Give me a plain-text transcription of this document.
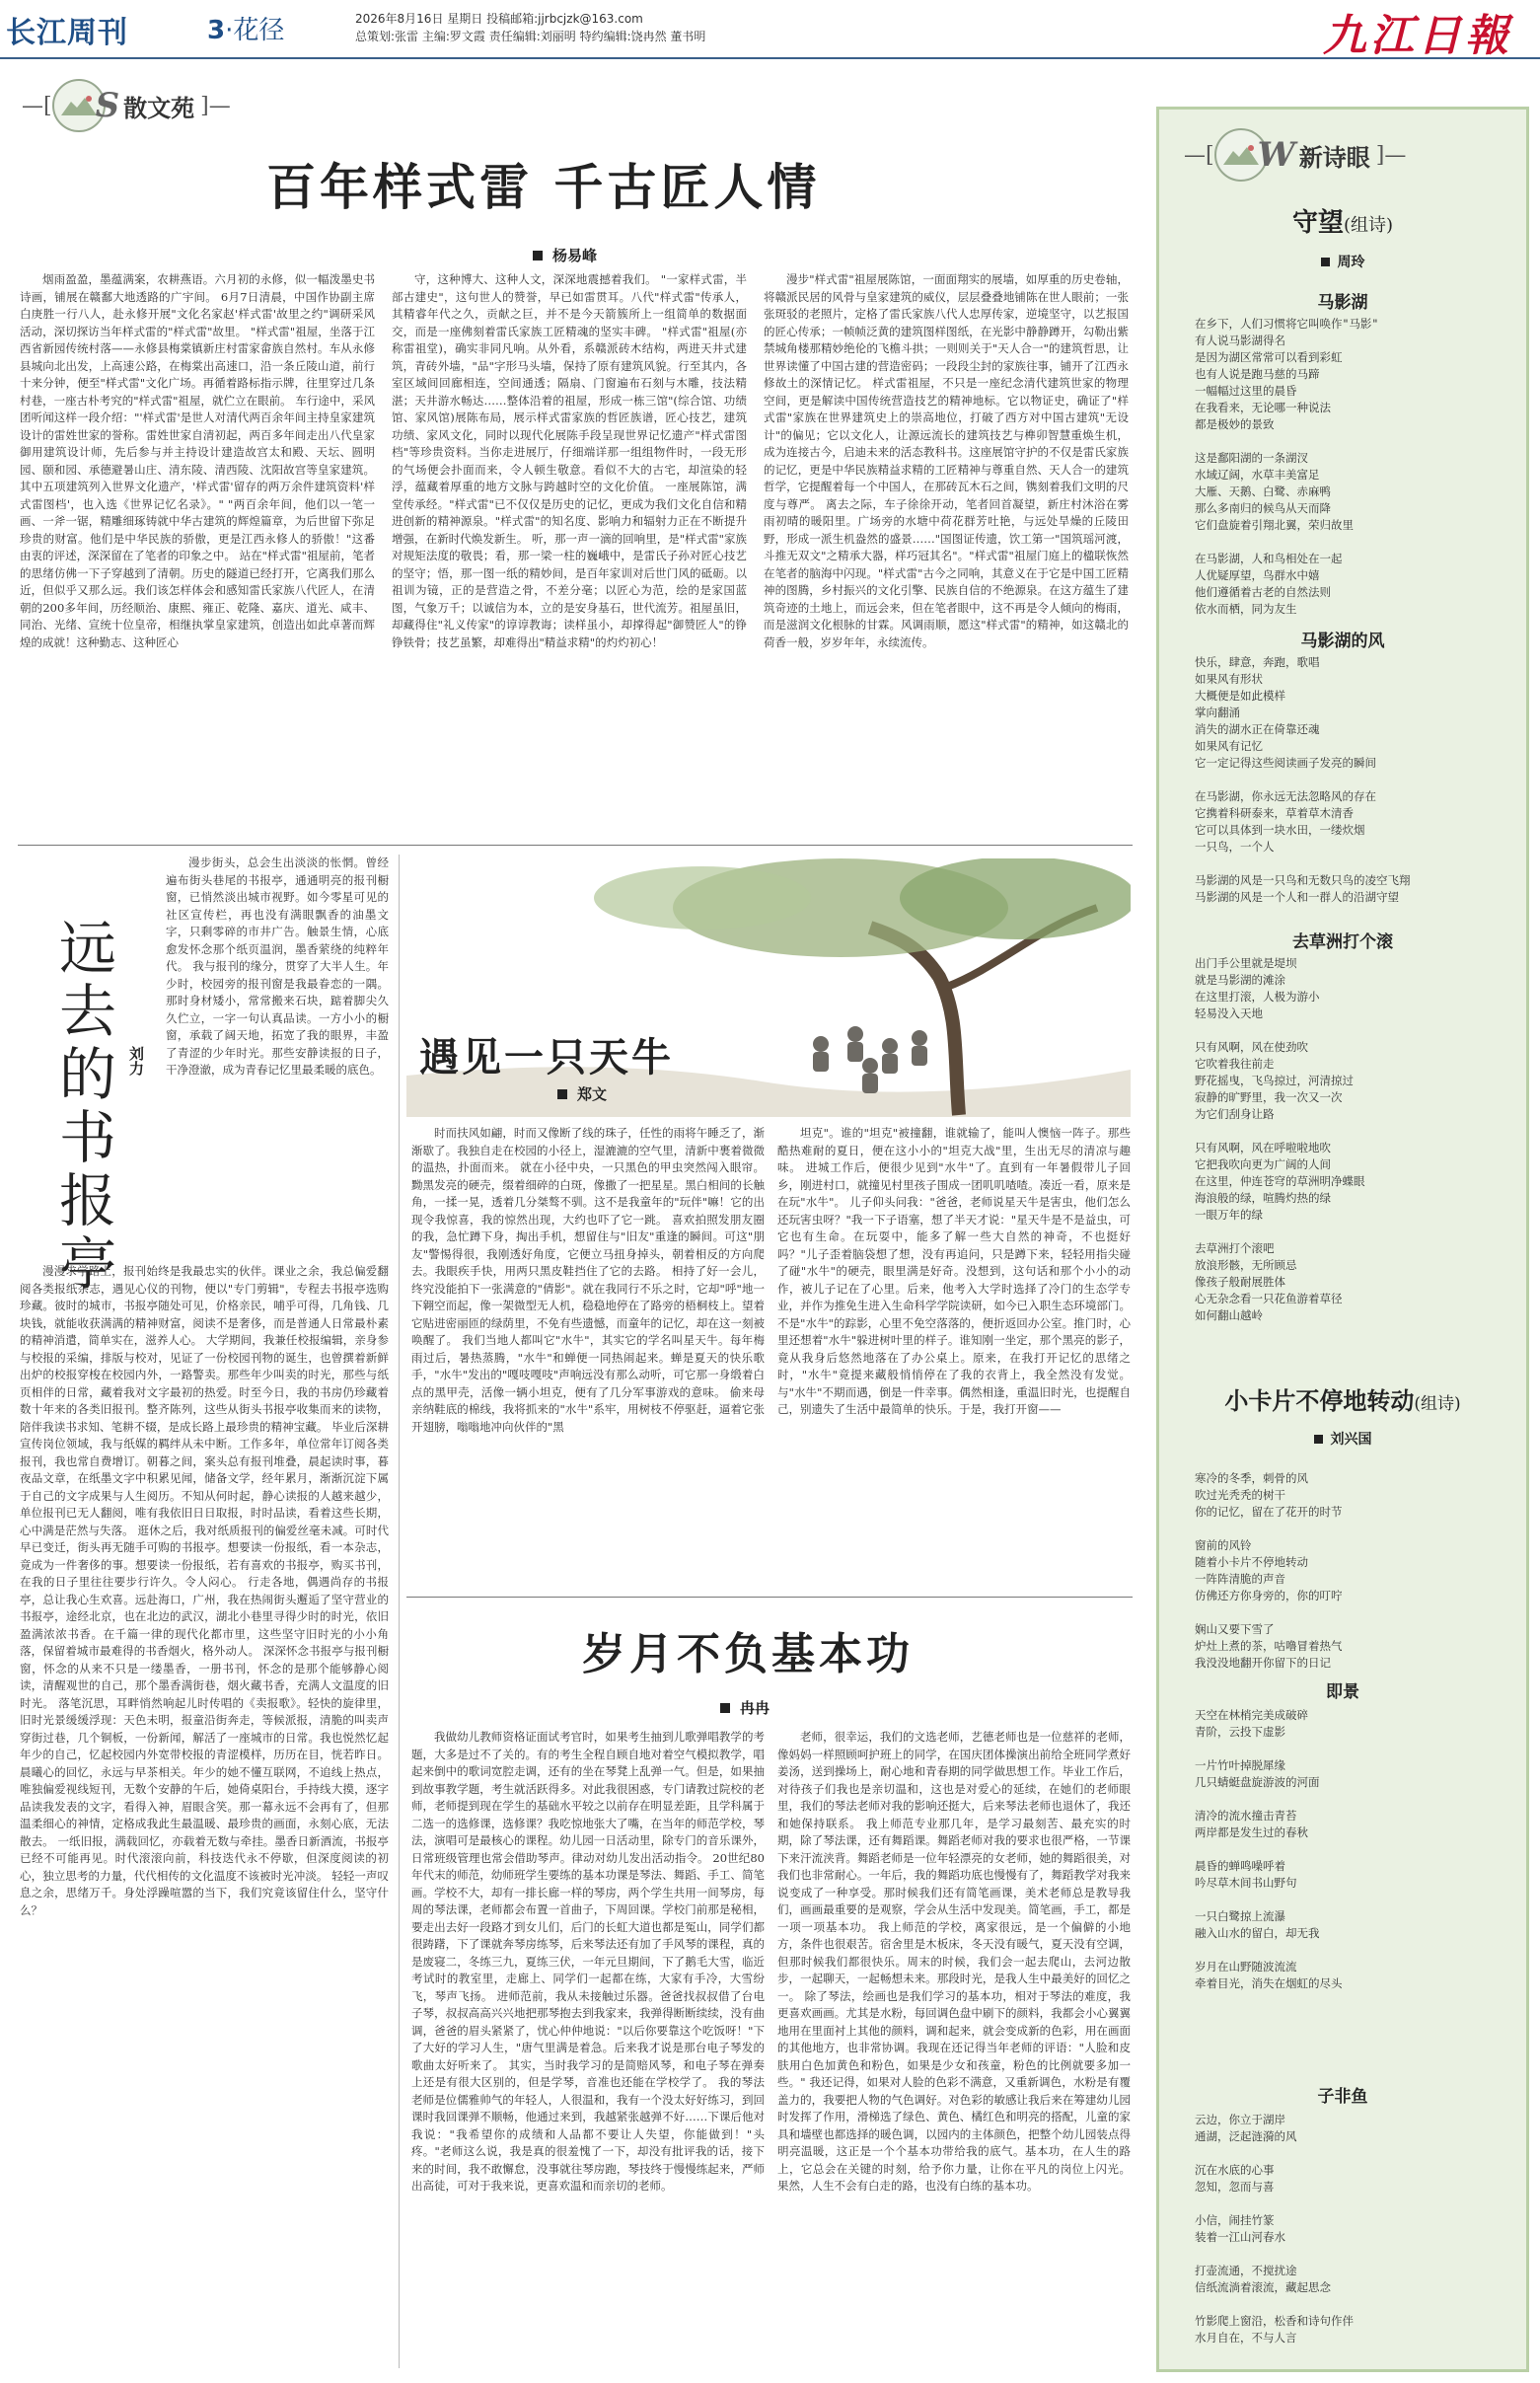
长江周刊	3·花径	2026年8月16日 星期日 投稿邮箱:jjrbcjzk@163.com
总策划:张雷 主编:罗文霞 责任编辑:刘丽明 特约编辑:饶冉然 董书明	九江日報
—[ S 散文苑 ]—
百年样式雷 千古匠人情
杨易峰

烟雨盈盈，墨蕴满案，农耕燕语。六月初的永修，似一幅泼墨史书诗画，铺展在赣鄱大地透路的广宇间。 6月7日清晨，中国作协副主席白庚胜一行八人，赴永修开展"文化名家赵'样式雷'故里之约"调研采风活动，深切探访当年样式雷的"样式雷"故里。 "样式雷"祖屋，坐落于江西省新园传统村落——永修县梅棠镇新庄村雷家畲族自然村。车从永修县城向北出发，上高速公路，在梅棠出高速口，沿一条丘陵山道，前行十来分钟，便至"样式雷"文化广场。再循着路标指示牌，往里穿过几条村巷，一座古朴考究的"样式雷"祖屋，就伫立在眼前。 车行途中，采风团听闻这样一段介绍："'样式雷'是世人对清代两百余年间主持皇家建筑设计的雷姓世家的誉称。雷姓世家自清初起，两百多年间走出八代皇家御用建筑设计师，先后参与并主持设计建造故宫太和殿、天坛、圆明园、颐和园、承德避暑山庄、清东陵、清西陵、沈阳故宫等皇家建筑。其中五项建筑列入世界文化遗产，'样式雷'留存的两万余件建筑资料'样式雷图档'，也入选《世界记忆名录》。" "两百余年间，他们以一笔一画、一斧一锯，精雕细琢铸就中华古建筑的辉煌篇章，为后世留下弥足珍贵的财富。他们是中华民族的骄傲，更是江西永修人的骄傲！"这番由衷的评述，深深留在了笔者的印象之中。 站在"样式雷"祖屋前，笔者的思绪仿佛一下子穿越到了清朝。历史的隧道已经打开，它离我们那么近，但似乎又那么远。我们该怎样体会和感知雷氏家族八代匠人，在清朝的200多年间，历经顺治、康熙、雍正、乾隆、嘉庆、道光、咸丰、同治、光绪、宣统十位皇帝，相继执掌皇家建筑，创造出如此卓著而辉煌的成就！这种勤志、这种匠心

守，这种博大、这种人文，深深地震撼着我们。 "一家样式雷，半部古建史"，这句世人的赞誉，早已如雷贯耳。八代"样式雷"传承人，其精睿年代之久，贡献之巨，并不是今天箭簇所上一组简单的数据面交，而是一座佛刻着雷氏家族工匠精魂的坚实丰碑。 "样式雷"祖屋(亦称雷祖堂)，确实非同凡响。从外看，系赣派砖木结构，两进天井式建筑，青砖外墙，"品"字形马头墙，保持了原有建筑风貌。行至其内，各室区域间回廊相连，空间通透；隔扇、门窗遍布石刻与木雕，技法精湛；天井游水畅达……整体沿着的祖屋，形成一栋三馆"(综合馆、功绩馆、家风馆)展陈布局，展示样式雷家族的哲匠族谱，匠心技艺，建筑功绩、家风文化，同时以现代化展陈手段呈现世界记忆遗产"样式雷图档"等珍贵资料。当你走进展厅，仔细端详那一组组物件时，一段无形的气场便会扑面而来，令人顿生敬意。看似不大的古宅，却渲染的轻浮，蕴藏着厚重的地方文脉与跨越时空的文化价值。 一座展陈馆，满堂传承经。"样式雷"已不仅仅是历史的记忆，更成为我们文化自信和精进创新的精神源泉。"样式雷"的知名度、影响力和辐射力正在不断提升增强，在新时代焕发新生。 听，那一声一滴的回响里，是"样式雷"家族对规矩法度的敬畏；看，那一梁一柱的巍峨中，是雷氏子孙对匠心技艺的坚守；悟，那一图一纸的精妙间，是百年家训对后世门风的砥砺。以祖训为镜，正的是营造之骨，不差分毫；以匠心为范，绘的是家国蓝图，气象万千；以诚信为本，立的是安身基石，世代流芳。祖屋虽旧，却藏得住"礼义传家"的谆谆教诲；读样虽小，却撑得起"御赞匠人"的铮铮铁骨；技艺虽繁，却难得出"精益求精"的灼灼初心！

漫步"样式雷"祖屋展陈馆，一面面翔实的展墙，如厚重的历史卷轴，将赣派民居的风骨与皇家建筑的威仪，层层叠叠地铺陈在世人眼前；一张张斑驳的老照片，定格了雷氏家族八代人忠厚传家，逆境坚守，以艺报国的匠心传承；一帧帧泛黄的建筑图样图纸，在光影中静静蹲开，勾勒出紫禁城角楼那精妙绝伦的飞檐斗拱；一则则关于"天人合一"的建筑哲思，让世界读懂了中国古建的营造密码；一段段尘封的家族往事，铺开了江西永修故土的深情记忆。 样式雷祖屋，不只是一座纪念清代建筑世家的物理空间，更是解读中国传统营造技艺的精神地标。它以物证史，确证了"样式雷"家族在世界建筑史上的崇高地位，打破了西方对中国古建筑"无设计"的偏见；它以文化人，让源远流长的建筑技艺与榫卯智慧重焕生机，成为连接古今，启迪未来的活态教科书。这座展馆守护的不仅是雷氏家族的记忆，更是中华民族精益求精的工匠精神与尊重自然、天人合一的建筑哲学，它提醒着每一个中国人，在那砖瓦木石之间，镌刻着我们文明的尺度与尊严。 离去之际，车子徐徐开动，笔者回首凝望，新庄村沐浴在雾雨初晴的暖阳里。广场旁的水塘中荷花群芳吐艳，与远处旱燥的丘陵田野，形成一派生机盎然的盛景……"国图证传遗，饮工第一"国筑瑶河渡，斗推无双文"之精承大器，样巧冠其名"。"样式雷"祖屋门庭上的楹联恢然在笔者的脑海中闪现。"样式雷"古今之同响，其意义在于它是中国工匠精神的图腾，乡村振兴的文化引擎、民族自信的不绝源泉。在这方蕴生了建筑奇迹的土地上，而远会来，但在笔者眼中，这不再是令人倾向的梅雨，而是滋润文化根脉的甘霖。风调雨顺，愿这"样式雷"的精神，如这赣北的荷香一般，岁岁年年，永续流传。

远去的书报亭 刘力

漫步街头，总会生出淡淡的怅惘。曾经遍布街头巷尾的书报亭，通通明亮的报刊橱窗，已悄然淡出城市视野。如今零星可见的社区宣传栏，再也没有满眼飘香的油墨文字，只剩零碎的市井广告。触景生情，心底愈发怀念那个纸页温润，墨香萦绕的纯粹年代。 我与报刊的缘分，贯穿了大半人生。年少时，校园旁的报刊窗是我最眷恋的一隅。那时身材矮小，常常搬来石块，踮着脚尖久久伫立，一字一句认真品读。一方小小的橱窗，承载了阔天地，拓宽了我的眼界，丰盈了青涩的少年时光。那些安静读报的日子，干净澄澈，成为青春记忆里最柔暖的底色。

漫漫求学路上，报刊始终是我最忠实的伙伴。课业之余，我总偏爱翻阅各类报纸杂志，遇见心仪的刊物，便以"专门剪辑"，专程去书报亭选购珍藏。彼时的城市，书报亭随处可见，价格亲民，哺乎可得，几角钱、几块钱，就能收获满满的精神财富，阅读不是奢侈，而是普通人日常最朴素的精神消遣，简单实在，滋养人心。 大学期间，我兼任校报编辑，亲身参与校报的采编，排版与校对，见证了一份校园刊物的诞生，也曾撰着新鲜出炉的校报穿梭在校园内外，一路警卖。那些年少叫卖的时光，那些与纸页相伴的日常，藏着我对文字最初的热爱。时至今日，我的书房仍珍藏着数十年来的各类旧报刊。整齐陈列，这些从街头书报亭收集而来的读物，陪伴我读书求知、笔耕不辍，是成长路上最珍贵的精神宝藏。 毕业后深耕宣传岗位领域，我与纸媒的羁绊从未中断。工作多年，单位常年订阅各类报刊，我也常自费增订。朝暮之间，案头总有报刊堆叠，晨起读时事，暮夜品文章，在纸墨文字中积累见闻，储备文学，经年累月，渐渐沉淀下属于自己的文字成果与人生阅历。不知从何时起，静心读报的人越来越少，单位报刊已无人翻阅，唯有我依旧日日取报，时时品读，看着这些长期，心中满是茫然与失落。 逛休之后，我对纸质报刊的偏爱丝毫未减。可时代早已变迁，街头再无随手可购的书报亭。想要读一份报纸，看一本杂志，竟成为一件奢侈的事。想要读一份报纸，若有喜欢的书报亭，购买书刊，在我的日子里往往要步行许久。令人闷心。 行走各地，偶遇尚存的书报亭，总让我心生欢喜。远赴海口，广州，我在热闹街头邂逅了坚守营业的书报亭，途经北京，也在北边的武汉，湖北小巷里寻得少时的时光，依旧盈满浓浓书香。在千篇一律的现代化都市里，这些坚守旧时光的小小角落，保留着城市最难得的书香烟火，格外动人。 深深怀念书报亭与报刊橱窗，怀念的从来不只是一缕墨香，一册书刊，怀念的是那个能够静心阅读，清醒观世的自己，那个墨香满街巷，烟火藏书香，充满人文温度的旧时光。 落笔沉思，耳畔悄然响起儿时传唱的《卖报歌》。轻快的旋律里，旧时光景缓缓浮现：天色未明，报童沿街奔走，等候派报，清脆的叫卖声穿街过巷，几个铜板，一份新闻，解活了一座城市的日常。我也悦然忆起年少的自己，忆起校园内外宽带校报的青涩模样，历历在目，恍若昨日。 晨曦心的回忆，永远与早茶相关。年少的她不懂互联网，不追线上热点，唯独偏爱视线短刊，无数个安静的午后，她倚桌阳台，手持线大摸，逐字品读我发表的文字，看得入神，眉眼含笑。那一幕永远不会再有了，但那温柔细心的神情，定格成我此生最温暖、最珍贵的画面，永刻心底，无法散去。 一纸旧报，满载回忆，亦载着无数与牵挂。墨香日新酒流，书报亭已经不可能再见。时代滚滚向前，科技迭代永不停歇，但深度阅读的初心，独立思考的力量，代代相传的文化温度不该被时光冲淡。 轻轻一声叹息之余，思绪万千。身处浮躁喧嚣的当下，我们究竟该留住什么，坚守什么？

遇见一只天牛
郑文

时而扶风如翩，时而又像断了线的珠子，任性的雨将午睡乏了，渐渐歇了。我独自走在校园的小径上，湿漉漉的空气里，清新中裹着微微的温热，扑面而来。 就在小径中央，一只黑色的甲虫突然闯入眼帘。黝黑发亮的硬壳，缀着细碎的白斑，像撒了一把星星。黑白相间的长触角，一揉一晃，透着几分桀骜不驯。这不是我童年的"玩伴"嘛！它的出现令我惊喜，我的惊然出现，大约也吓了它一跳。 喜欢拍照发朋友圈的我，急忙蹲下身，掏出手机，想留住与"旧友"重逢的瞬间。可这"朋友"警惕得很，我刚透好角度，它便立马扭身掉头，朝着相反的方向爬去。我眼疾手快，用两只黑皮鞋挡住了它的去路。 相持了好一会儿，终究没能拍下一张满意的"倩影"。就在我同行不乐之时，它却"呼"地一下翱空而起，像一架微型无人机，稳稳地停在了路旁的梧桐枝上。望着它贴进密丽匝的绿荫里，不免有些遗憾，而童年的记忆，却在这一刻被唤醒了。 我们当地人都叫它"水牛"，其实它的学名叫星天牛。每年梅雨过后，暑热蒸腾，"水牛"和蝉便一同热闹起来。蝉是夏天的快乐歌手，"水牛"发出的"嘎吱嘎吱"声响远没有那么动听，可它那一身缎着白点的黑甲壳，活像一辆小坦克，便有了几分军事游戏的意味。 偷来母亲纳鞋底的棉线，我将抓来的"水牛"系牢，用树枝不停驱赶，逼着它张开翅膀，嗡嗡地冲向伙伴的"黑

坦克"。谁的"坦克"被撞翻，谁就输了，能叫人懊恼一阵子。那些酷热难耐的夏日，便在这小小的"坦克大战"里，生出无尽的清凉与趣味。 进城工作后，便很少见到"水牛"了。直到有一年暑假带儿子回乡，刚进村口，就撞见村里孩子围成一团叽叽喳喳。凑近一看，原来是在玩"水牛"。 儿子仰头问我："爸爸，老师说星天牛是害虫，他们怎么还玩害虫呀？"我一下子语塞，想了半天才说："星天牛是不是益虫，可它也有生命。在玩耍中，能多了解一些大自然的神奇，不也挺好吗？"儿子歪着脑袋想了想，没有再追问，只是蹲下来，轻轻用指尖碰了碰"水牛"的硬壳，眼里满是好奇。没想到，这句话和那个小小的动作，被儿子记在了心里。后来，他考入大学时选择了冷门的生态学专业，并作为推免生进入生命科学学院读研，如今已入职生态环境部门。 不是"水牛"的踪影，心里不免空落落的，便折返回办公室。推门时，心里还想着"水牛"躲进树叶里的样子。谁知刚一坐定，那个黑亮的影子，竟从我身后悠然地落在了办公桌上。原来，在我打开记忆的思绪之时，"水牛"竟提来藏般悄悄停在了我的衣背上，我全然没有发觉。 与"水牛"不期而遇，倒是一件幸事。偶然相逢，重温旧时光，也提醒自己，别遗失了生活中最简单的快乐。于是，我打开窗——

岁月不负基本功
冉冉

我做幼儿教师资格证面试考官时，如果考生抽到儿歌弹唱教学的考题，大多是过不了关的。有的考生全程自顾自地对着空气模拟教学，唱起来倒中的歌词宽腔走调，还有的坐在琴凳上乱弹一气。但是，如果抽到故事教学题，考生就活跃得多。对此我很困惑，专门请教过院校的老师，老师提到现在学生的基础水平较之以前存在明显差距，且学科属于二选一的选修课，选修课？我吃惊地张大了嘴，在当年的师范学校，琴法，演唱可是最核心的课程。幼儿园一日活动里，除专门的音乐课外，日常班级管理也常会借助琴声。律动对幼儿发出活动指令。 20世纪80年代末的师范，幼师班学生要练的基本功课是琴法、舞蹈、手工、简笔画。学校不大，却有一排长廊一样的琴房，两个学生共用一间琴房，每周的琴法课，老师都会布置一首曲子，下周回课。学校门前那是秘相，要走出去好一段路才到女儿们，后门的长虹大道也都是冤山，同学们都很踌躇，下了课就奔琴房练琴，后来琴法还有加了手风琴的课程，真的是废寝二，冬练三九，夏练三伏，一年元旦期间，下了鹅毛大雪，临近考试时的教室里，走廊上、同学们一起都在练，大家有手冷，大雪纷飞，琴声飞扬。 进师范前，我从未接触过乐器。爸爸找叔叔借了台电子琴，叔叔高高兴兴地把那琴抱去到我家来，我弹得断断续续，没有曲调，爸爸的眉头紧紧了，忧心仲仲地说："以后你要靠这个吃饭呀！"下了大好的学习人生，"唐气里满是着急。后来我才说是那台电子琴发的歌曲太好听来了。 其实，当时我学习的是简赔风琴，和电子琴在弹奏上还是有很大区别的，但是学琴，音准也还能在学校学了。 我的琴法老师是位儒雅帅气的年轻人，人很温和，我有一个没太好好练习，到回课时我回课弹不顺畅，他通过来到，我越紧张越弹不好……下课后他对我说："我希望你的成绩和人品都不要让人失望，你能做到！"头疼。"老师这么说，我是真的很羞愧了一下，却没有批评我的话，接下来的时间，我不敢懈怠，没事就往琴房跑，琴技终于慢慢练起来，严师出高徒，可对于我来说，更喜欢温和而亲切的老师。

老师，很幸运，我们的文选老师，艺德老师也是一位慈祥的老师，像妈妈一样照顾呵护班上的同学，在国庆团体操演出前给全班同学煮好姜汤，送到操场上，耐心地和青春期的同学做思想工作。毕业工作后，对待孩子们我也是亲切温和，这也是对爱心的延续，在她们的老师眼里，我们的琴法老师对我的影响还挺大，后来琴法老师也退休了，我还和她保持联系。 我上师范专业那几年，是学习最刻苦、最充实的时期，除了琴法课，还有舞蹈课。舞蹈老师对我的要求也很严格，一节课下来汗流浃背。舞蹈老师是一位年轻漂亮的女老师，她的舞蹈很美，对我们也非常耐心。一年后，我的舞蹈功底也慢慢有了，舞蹈教学对我来说变成了一种享受。那时候我们还有简笔画课，美术老师总是教导我们，画画最重要的是观察，学会从生活中发现美。简笔画，手工，都是一项一项基本功。 我上师范的学校，离家很远，是一个偏僻的小地方，条件也很艰苦。宿舍里是木板床，冬天没有暖气，夏天没有空调，但那时候我们都很快乐。周末的时候，我们会一起去爬山，去河边散步，一起聊天，一起畅想未来。那段时光，是我人生中最美好的回忆之一。 除了琴法，绘画也是我们学习的基本功，相对于琴法的难度，我更喜欢画画。尤其是水粉，每回调色盘中刷下的颜料，我都会小心翼翼地用在里面衬上其他的颜料，调和起来，就会变成新的色彩，用在画面的其他地方，也非常协调。我现在还记得当年老师的评语："人脸和皮肤用白色加黄色和粉色，如果是少女和孩童，粉色的比例就要多加一些。" 我还记得，如果对人脸的色彩不满意，又重新调色，水粉是有覆盖力的，我要把人物的气色调好。对色彩的敏感让我后来在筹建幼儿园时发挥了作用，滑梯选了绿色、黄色、橘红色和明亮的搭配，儿童的家具和墙壁也都选择的暖色调，以园内的主体颜色，把整个幼儿园装点得明亮温暖，这正是一个个基本功带给我的底气。基本功，在人生的路上，它总会在关键的时刻，给予你力量，让你在平凡的岗位上闪光。 果然，人生不会有白走的路，也没有白练的基本功。

—[ W 新诗眼 ]—
守望(组诗)
周玲
马影湖
在乡下，人们习惯将它叫唤作"马影"
有人说马影湖得名
是因为湖区常常可以看到彩虹
也有人说是跑马慈的马蹄
一幅幅过这里的晨昏
在我看来，无论哪一种说法
都是极妙的景致

这是鄱阳湖的一条湖汊
水域辽阔，水草丰美富足
大雁、天鹅、白鹭、赤麻鸭
那么多南归的候鸟从天而降
它们盘旋着引翔北翼，荣归故里

在马影湖，人和鸟相处在一起
人优疑厚望，鸟群水中嬉
他们遵循着古老的自然法则
依水而栖，同为友生
马影湖的风
快乐，肆意，奔跑，歌唱
如果风有形状
大概便是如此模样
掌向翻涌
消失的湖水正在倚靠还魂
如果风有记忆
它一定记得这些阅读画子发亮的瞬间

在马影湖，你永远无法忽略风的存在
它携着科研泰来，草着草木清香
它可以具体到一块水田，一缕炊烟
一只鸟，一个人

马影湖的风是一只鸟和无数只鸟的凌空飞翔
马影湖的风是一个人和一群人的沿湖守望
去草洲打个滚
出门手公里就是堤坝
就是马影湖的滩涂
在这里打滚，人极为游小
轻易没入天地

只有风啊，风在使劲吹
它吹着我往前走
野花摇曳，飞鸟掠过，河清掠过
寂静的旷野里，我一次又一次
为它们刮身让路

只有风啊，风在呼啦啦地吹
它把我吹向更为广阔的人间
在这里，仲连苍穹的草洲明净蝶眼
海浪般的绿，喧腾灼热的绿
一眼万年的绿

去草洲打个滚吧
放浪形骸，无所顾忌
像孩子般耐展胜体
心无杂念看一只花鱼游着草径
如何翻山越岭
小卡片不停地转动(组诗)
刘兴国
寒冷的冬季，刺骨的风
吹过光秃秃的树干
你的记忆，留在了花开的时节

窗前的风铃
随着小卡片不停地转动
一阵阵清脆的声音
仿佛还方你身旁的，你的叮咛

娴山又要下雪了
炉灶上煮的茶，咕噜冒着热气
我没没地翻开你留下的日记
即景
天空在林梢完美成破碎
青阶，云投下虚影

一片竹叶掉脱犀缘
几只蜻蜓盘旋游波的河面

清冷的流水撞击青苔
两岸都是发生过的春秋

晨昏的蝉鸣噪呼着
吟尽草木间书山野句

一只白鹭掠上流瀑
融入山水的留白，却无我

岁月在山野随波流流
牵着目光，消失在烟虹的尽头
子非鱼
云边，你立于湖岸
通湖，泛起涟漪的风

沉在水底的心事
忽知，忽而与喜

小信，闹挂竹篆
装着一江山河春水

打壶流通，不搅扰途
信纸流淌着滚流，藏起思念

竹影爬上窗沿，松香和诗句作伴
水月自在，不与人言
